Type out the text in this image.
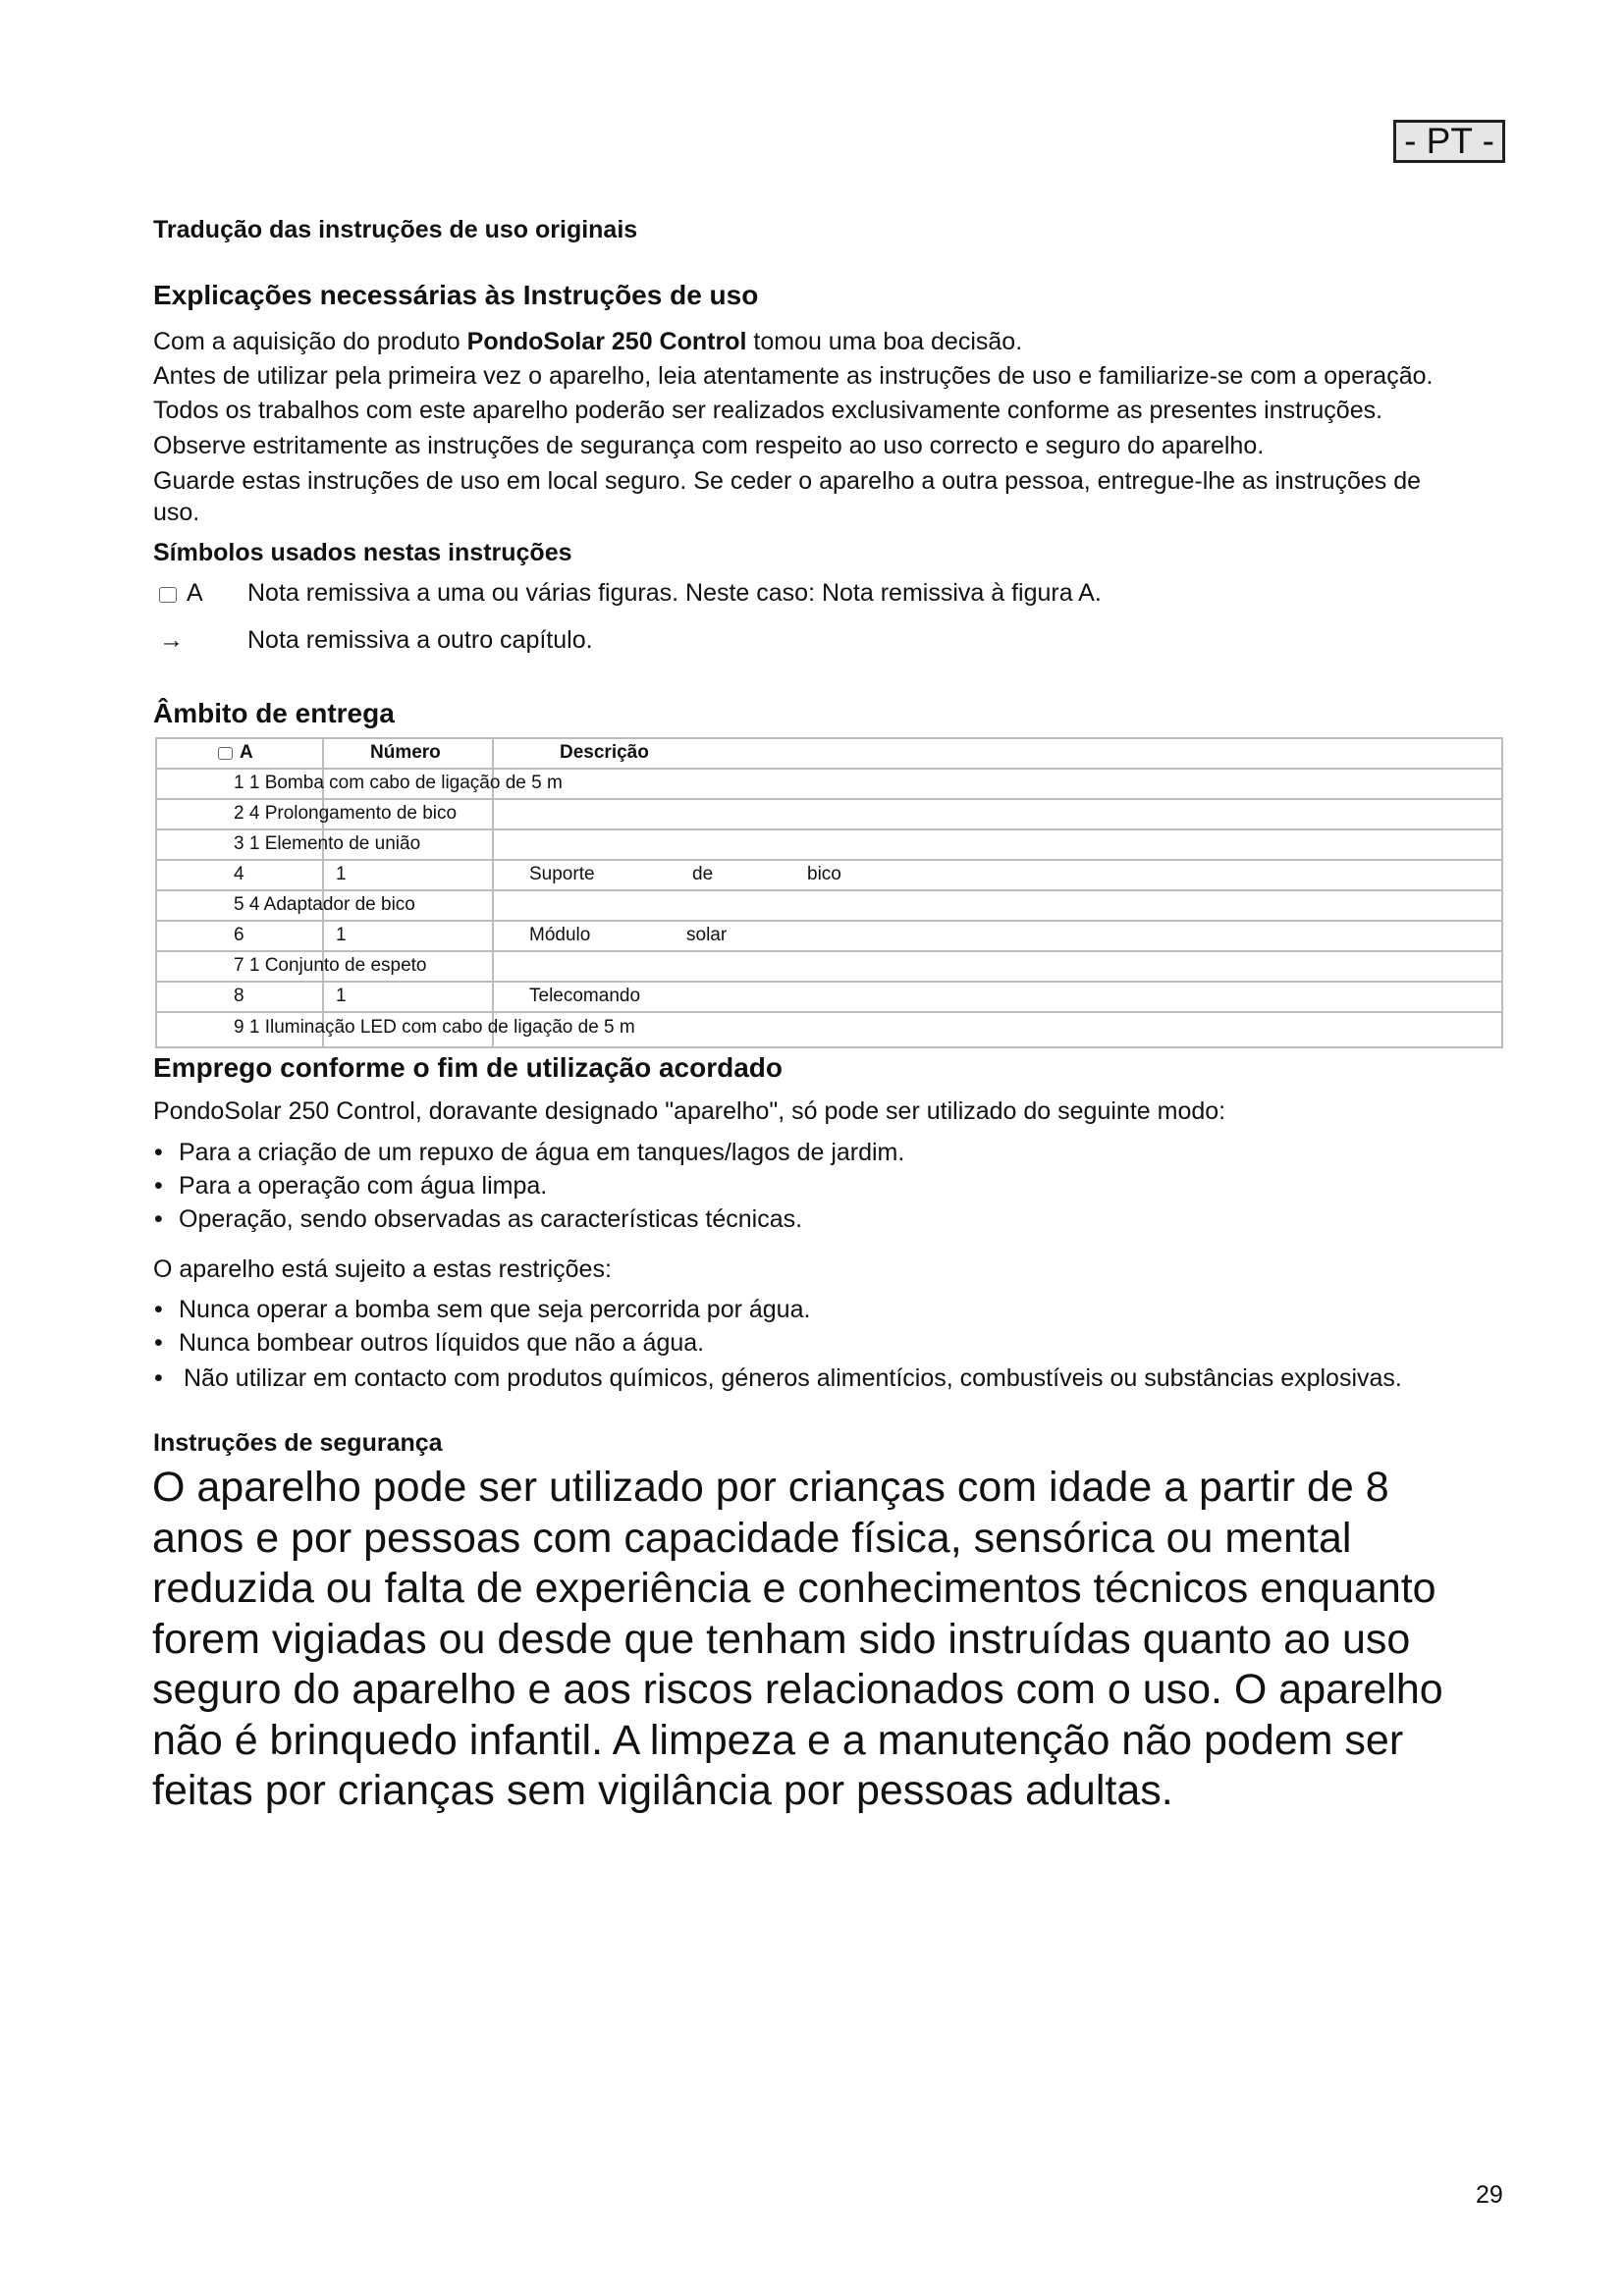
- PT -
Tradução das instruções de uso originais
Explicações necessárias às Instruções de uso
Com a aquisição do produto PondoSolar 250 Control tomou uma boa decisão.
Antes de utilizar pela primeira vez o aparelho, leia atentamente as instruções de uso e familiarize-se com a operação.
Todos os trabalhos com este aparelho poderão ser realizados exclusivamente conforme as presentes instruções.
Observe estritamente as instruções de segurança com respeito ao uso correcto e seguro do aparelho.
Guarde estas instruções de uso em local seguro. Se ceder o aparelho a outra pessoa, entregue-lhe as instruções de
uso.
Símbolos usados nestas instruções
A Nota remissiva a uma ou várias figuras. Neste caso: Nota remissiva à figura A.
→	Nota remissiva a outro capítulo.
Âmbito de entrega
A	Número	Descrição
1 1 Bomba com cabo de ligação de 5 m
2 4 Prolongamento de bico
3 1 Elemento de união
4	1	Suporte	de	bico
5 4 Adaptador de bico
6	1	Módulo	solar
7 1 Conjunto de espeto
8	1	Telecomando
9 1 Iluminação LED com cabo de ligação de 5 m
Emprego conforme o fim de utilização acordado
PondoSolar 250 Control, doravante designado "aparelho", só pode ser utilizado do seguinte modo:
• Para a criação de um repuxo de água em tanques/lagos de jardim.
• Para a operação com água limpa.
• Operação, sendo observadas as características técnicas.
O aparelho está sujeito a estas restrições:
• Nunca operar a bomba sem que seja percorrida por água.
• Nunca bombear outros líquidos que não a água.
• Não utilizar em contacto com produtos químicos, géneros alimentícios, combustíveis ou substâncias explosivas.
Instruções de segurança
O aparelho pode ser utilizado por crianças com idade a partir de 8
anos e por pessoas com capacidade física, sensórica ou mental
reduzida ou falta de experiência e conhecimentos técnicos enquanto
forem vigiadas ou desde que tenham sido instruídas quanto ao uso
seguro do aparelho e aos riscos relacionados com o uso. O aparelho
não é brinquedo infantil. A limpeza e a manutenção não podem ser
feitas por crianças sem vigilância por pessoas adultas.
29
